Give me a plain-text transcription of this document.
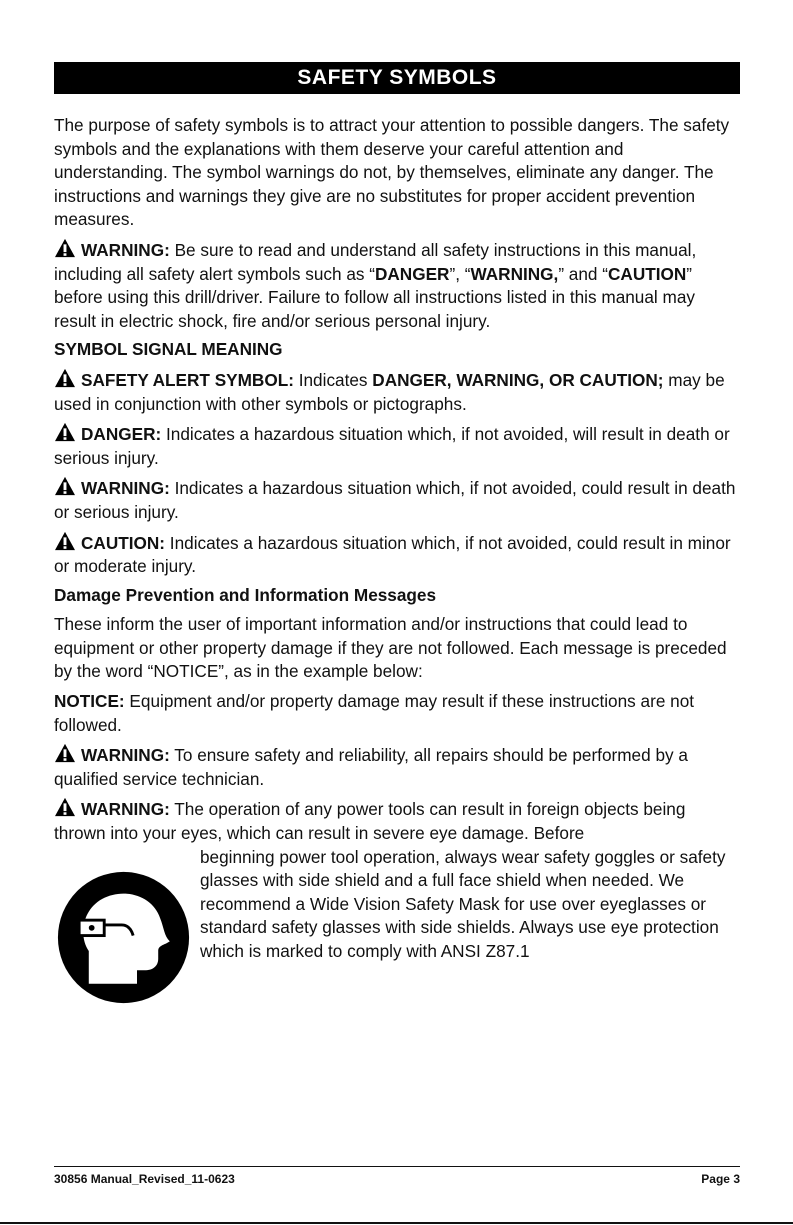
SAFETY SYMBOLS

The purpose of safety symbols is to attract your attention to possible dangers. The safety symbols and the explanations with them deserve your careful attention and understanding. The symbol warnings do not, by themselves, eliminate any danger. The instructions and warnings they give are no substitutes for proper accident prevention measures.

WARNING: Be sure to read and understand all safety instructions in this manual, including all safety alert symbols such as “DANGER”, “WARNING,” and “CAUTION” before using this drill/driver. Failure to follow all instructions listed in this manual may result in electric shock, fire and/or serious personal injury.

SYMBOL SIGNAL MEANING

SAFETY ALERT SYMBOL: Indicates DANGER, WARNING, OR CAUTION; may be used in conjunction with other symbols or pictographs.

DANGER: Indicates a hazardous situation which, if not avoided, will result in death or serious injury.

WARNING: Indicates a hazardous situation which, if not avoided, could result in death or serious injury.

CAUTION: Indicates a hazardous situation which, if not avoided, could result in minor or moderate injury.

Damage Prevention and Information Messages

These inform the user of important information and/or instructions that could lead to equipment or other property damage if they are not followed. Each message is preceded by the word “NOTICE”, as in the example below:

NOTICE: Equipment and/or property damage may result if these instructions are not followed.

WARNING: To ensure safety and reliability, all repairs should be performed by a qualified service technician.

WARNING: The operation of any power tools can result in foreign objects being thrown into your eyes, which can result in severe eye damage. Before

beginning power tool operation, always wear safety goggles or safety glasses with side shield and a full face shield when needed. We recommend a Wide Vision Safety Mask for use over eyeglasses or standard safety glasses with side shields. Always use eye protection which is marked to comply with ANSI Z87.1

30856 Manual_Revised_11-0623	Page 3
